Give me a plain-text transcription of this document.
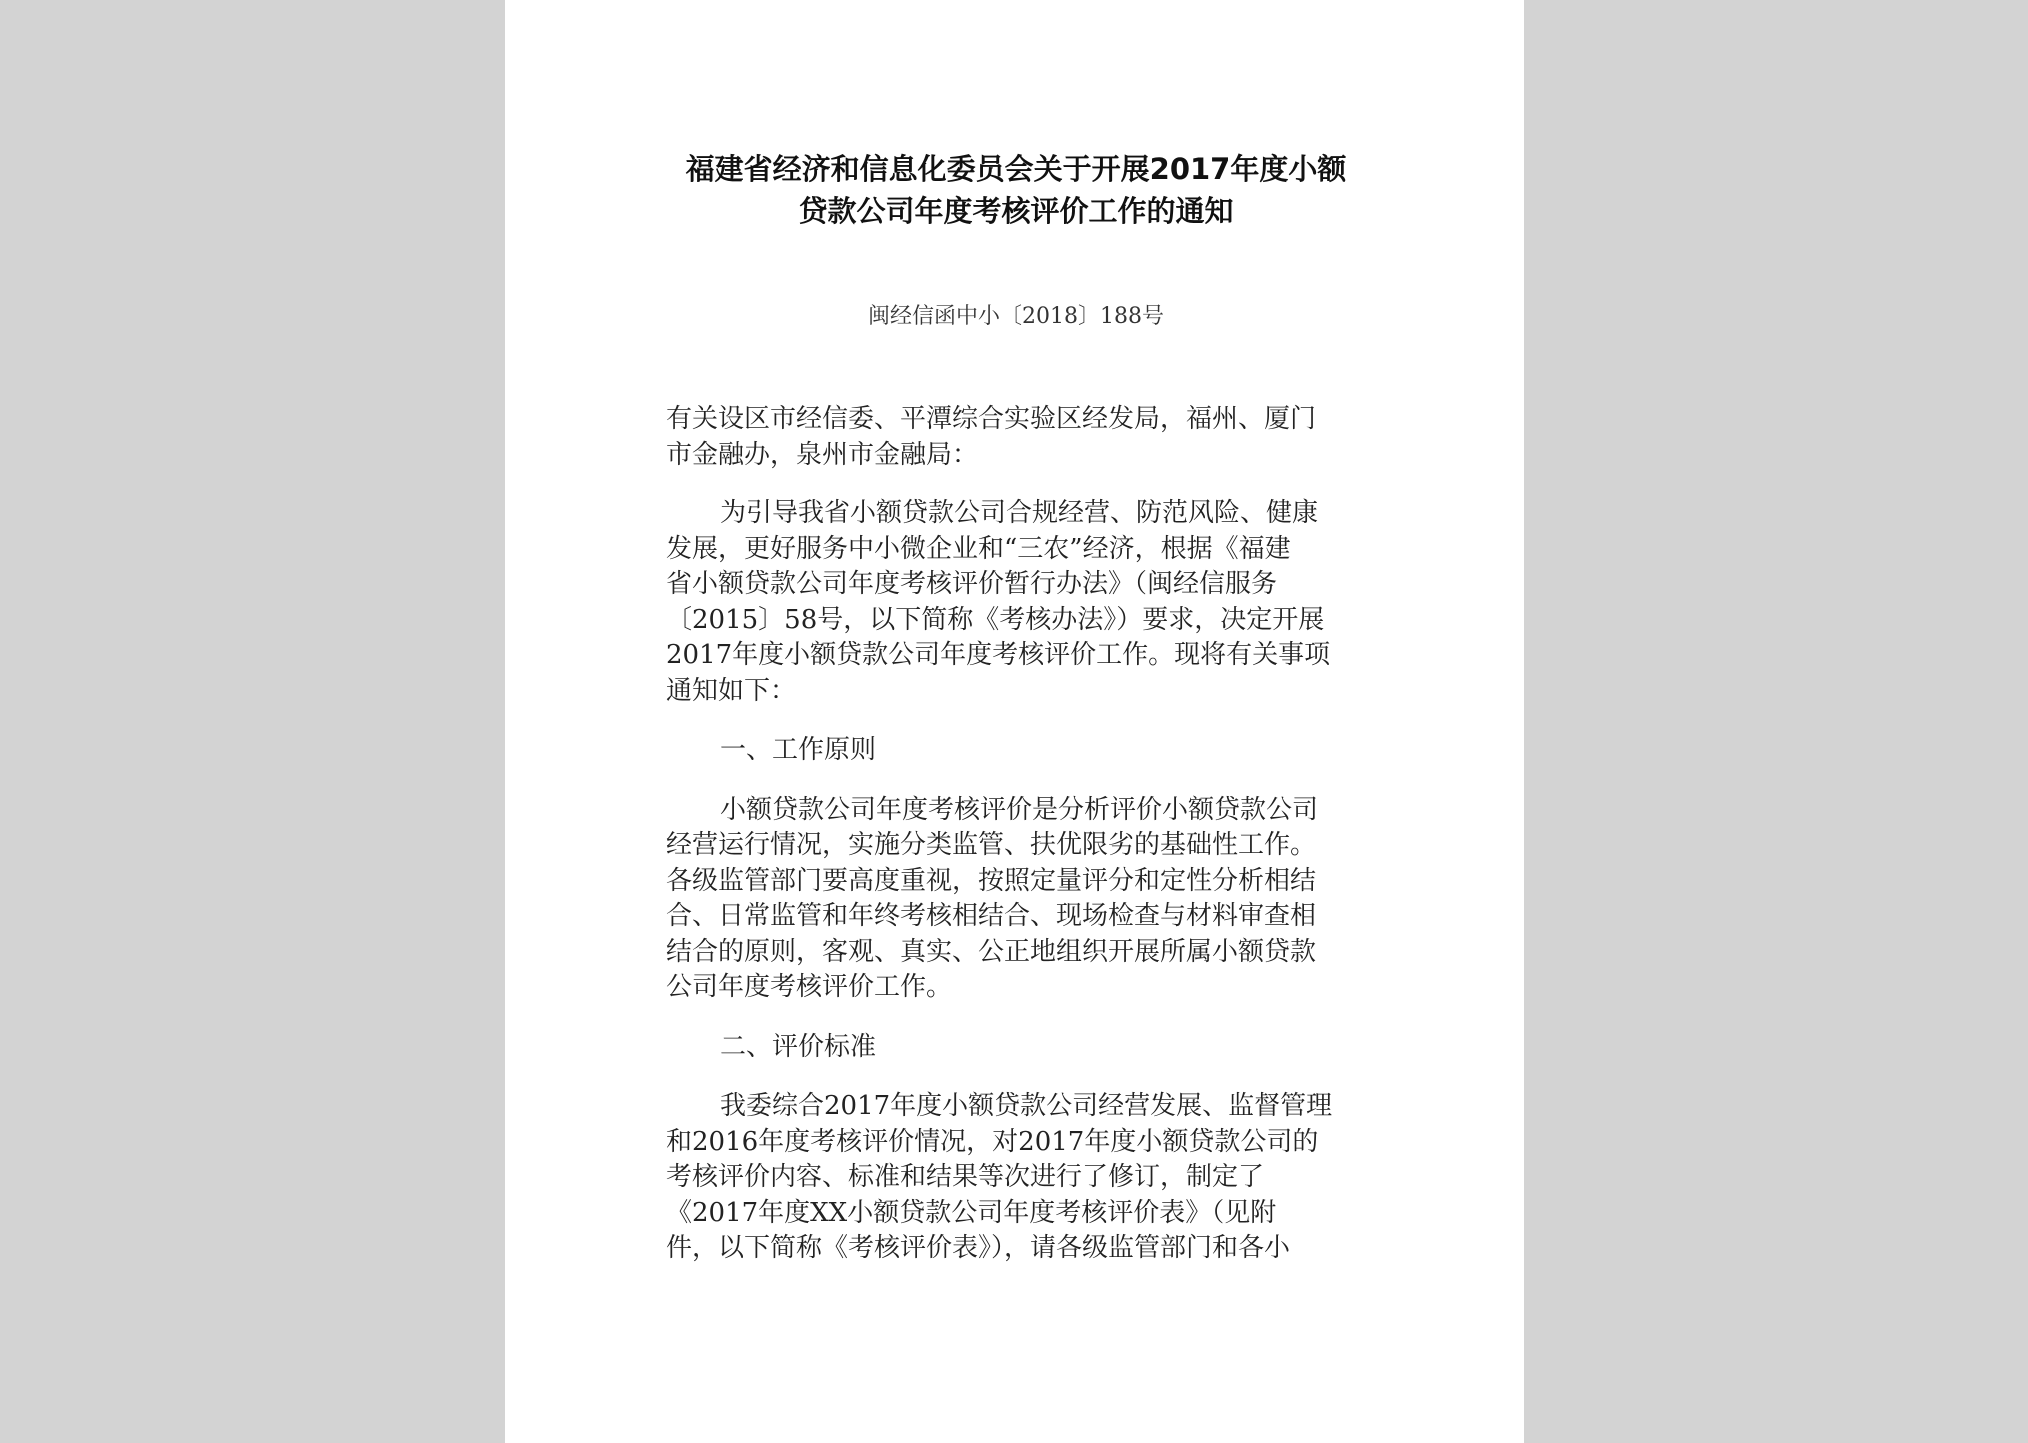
福建省经济和信息化委员会关于开展2017年度小额
贷款公司年度考核评价工作的通知
闽经信函中小〔2018〕188号

有关设区市经信委、平潭综合实验区经发局，福州、厦门
市金融办，泉州市金融局：

为引导我省小额贷款公司合规经营、防范风险、健康
发展，更好服务中小微企业和“三农”经济，根据《福建
省小额贷款公司年度考核评价暂行办法》（闽经信服务
〔2015〕58号，以下简称《考核办法》）要求，决定开展
2017年度小额贷款公司年度考核评价工作。现将有关事项
通知如下：

一、工作原则

小额贷款公司年度考核评价是分析评价小额贷款公司
经营运行情况，实施分类监管、扶优限劣的基础性工作。
各级监管部门要高度重视，按照定量评分和定性分析相结
合、日常监管和年终考核相结合、现场检查与材料审查相
结合的原则，客观、真实、公正地组织开展所属小额贷款
公司年度考核评价工作。

二、评价标准

我委综合2017年度小额贷款公司经营发展、监督管理
和2016年度考核评价情况，对2017年度小额贷款公司的
考核评价内容、标准和结果等次进行了修订，制定了
《2017年度XX小额贷款公司年度考核评价表》（见附
件，以下简称《考核评价表》），请各级监管部门和各小
